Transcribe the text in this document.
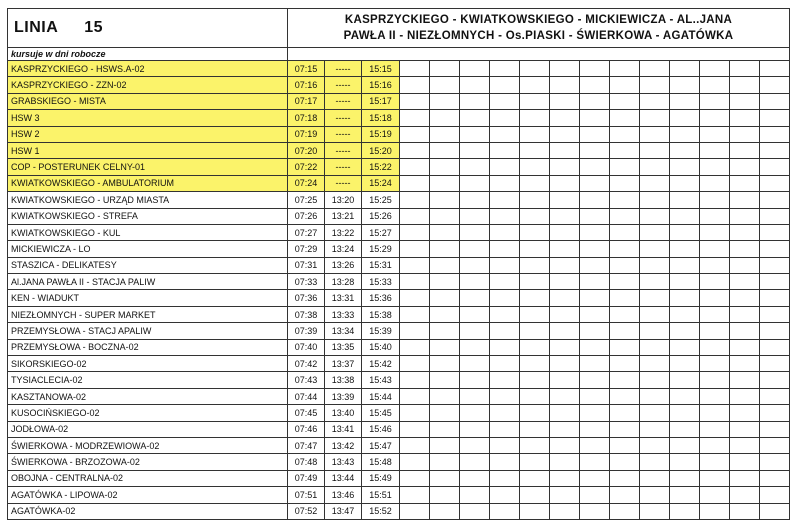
LINIA 15	KASPRZYCKIEGO - KWIATKOWSKIEGO - MICKIEWICZA - AL..JANA
PAWŁA II - NIEZŁOMNYCH - Os.PIASKI - ŚWIERKOWA - AGATÓWKA															

kursuje w dni robocze																
KASPRZYCKIEGO - HSWS.A-02	07:15	-----	15:15													
KASPRZYCKIEGO - ZZN-02	07:16	-----	15:16													
GRABSKIEGO - MISTA	07:17	-----	15:17													
HSW 3	07:18	-----	15:18													
HSW 2	07:19	-----	15:19													
HSW 1	07:20	-----	15:20													
COP - POSTERUNEK CELNY-01	07:22	-----	15:22													
KWIATKOWSKIEGO - AMBULATORIUM	07:24	-----	15:24													
KWIATKOWSKIEGO - URZĄD MIASTA	07:25	13:20	15:25													
KWIATKOWSKIEGO - STREFA	07:26	13:21	15:26													
KWIATKOWSKIEGO - KUL	07:27	13:22	15:27													
MICKIEWICZA - LO	07:29	13:24	15:29													
STASZICA - DELIKATESY	07:31	13:26	15:31													
Al.JANA PAWŁA II - STACJA PALIW	07:33	13:28	15:33													
KEN - WIADUKT	07:36	13:31	15:36													
NIEZŁOMNYCH - SUPER MARKET	07:38	13:33	15:38													
PRZEMYSŁOWA - STACJ APALIW	07:39	13:34	15:39													
PRZEMYSŁOWA - BOCZNA-02	07:40	13:35	15:40													
SIKORSKIEGO-02	07:42	13:37	15:42													
TYSIACLECIA-02	07:43	13:38	15:43													
KASZTANOWA-02	07:44	13:39	15:44													
KUSOCIŃSKIEGO-02	07:45	13:40	15:45													
JODŁOWA-02	07:46	13:41	15:46													
ŚWIERKOWA - MODRZEWIOWA-02	07:47	13:42	15:47													
ŚWIERKOWA - BRZOZOWA-02	07:48	13:43	15:48													
OBOJNA - CENTRALNA-02	07:49	13:44	15:49													
AGATÓWKA - LIPOWA-02	07:51	13:46	15:51													
AGATÓWKA-02	07:52	13:47	15:52													
